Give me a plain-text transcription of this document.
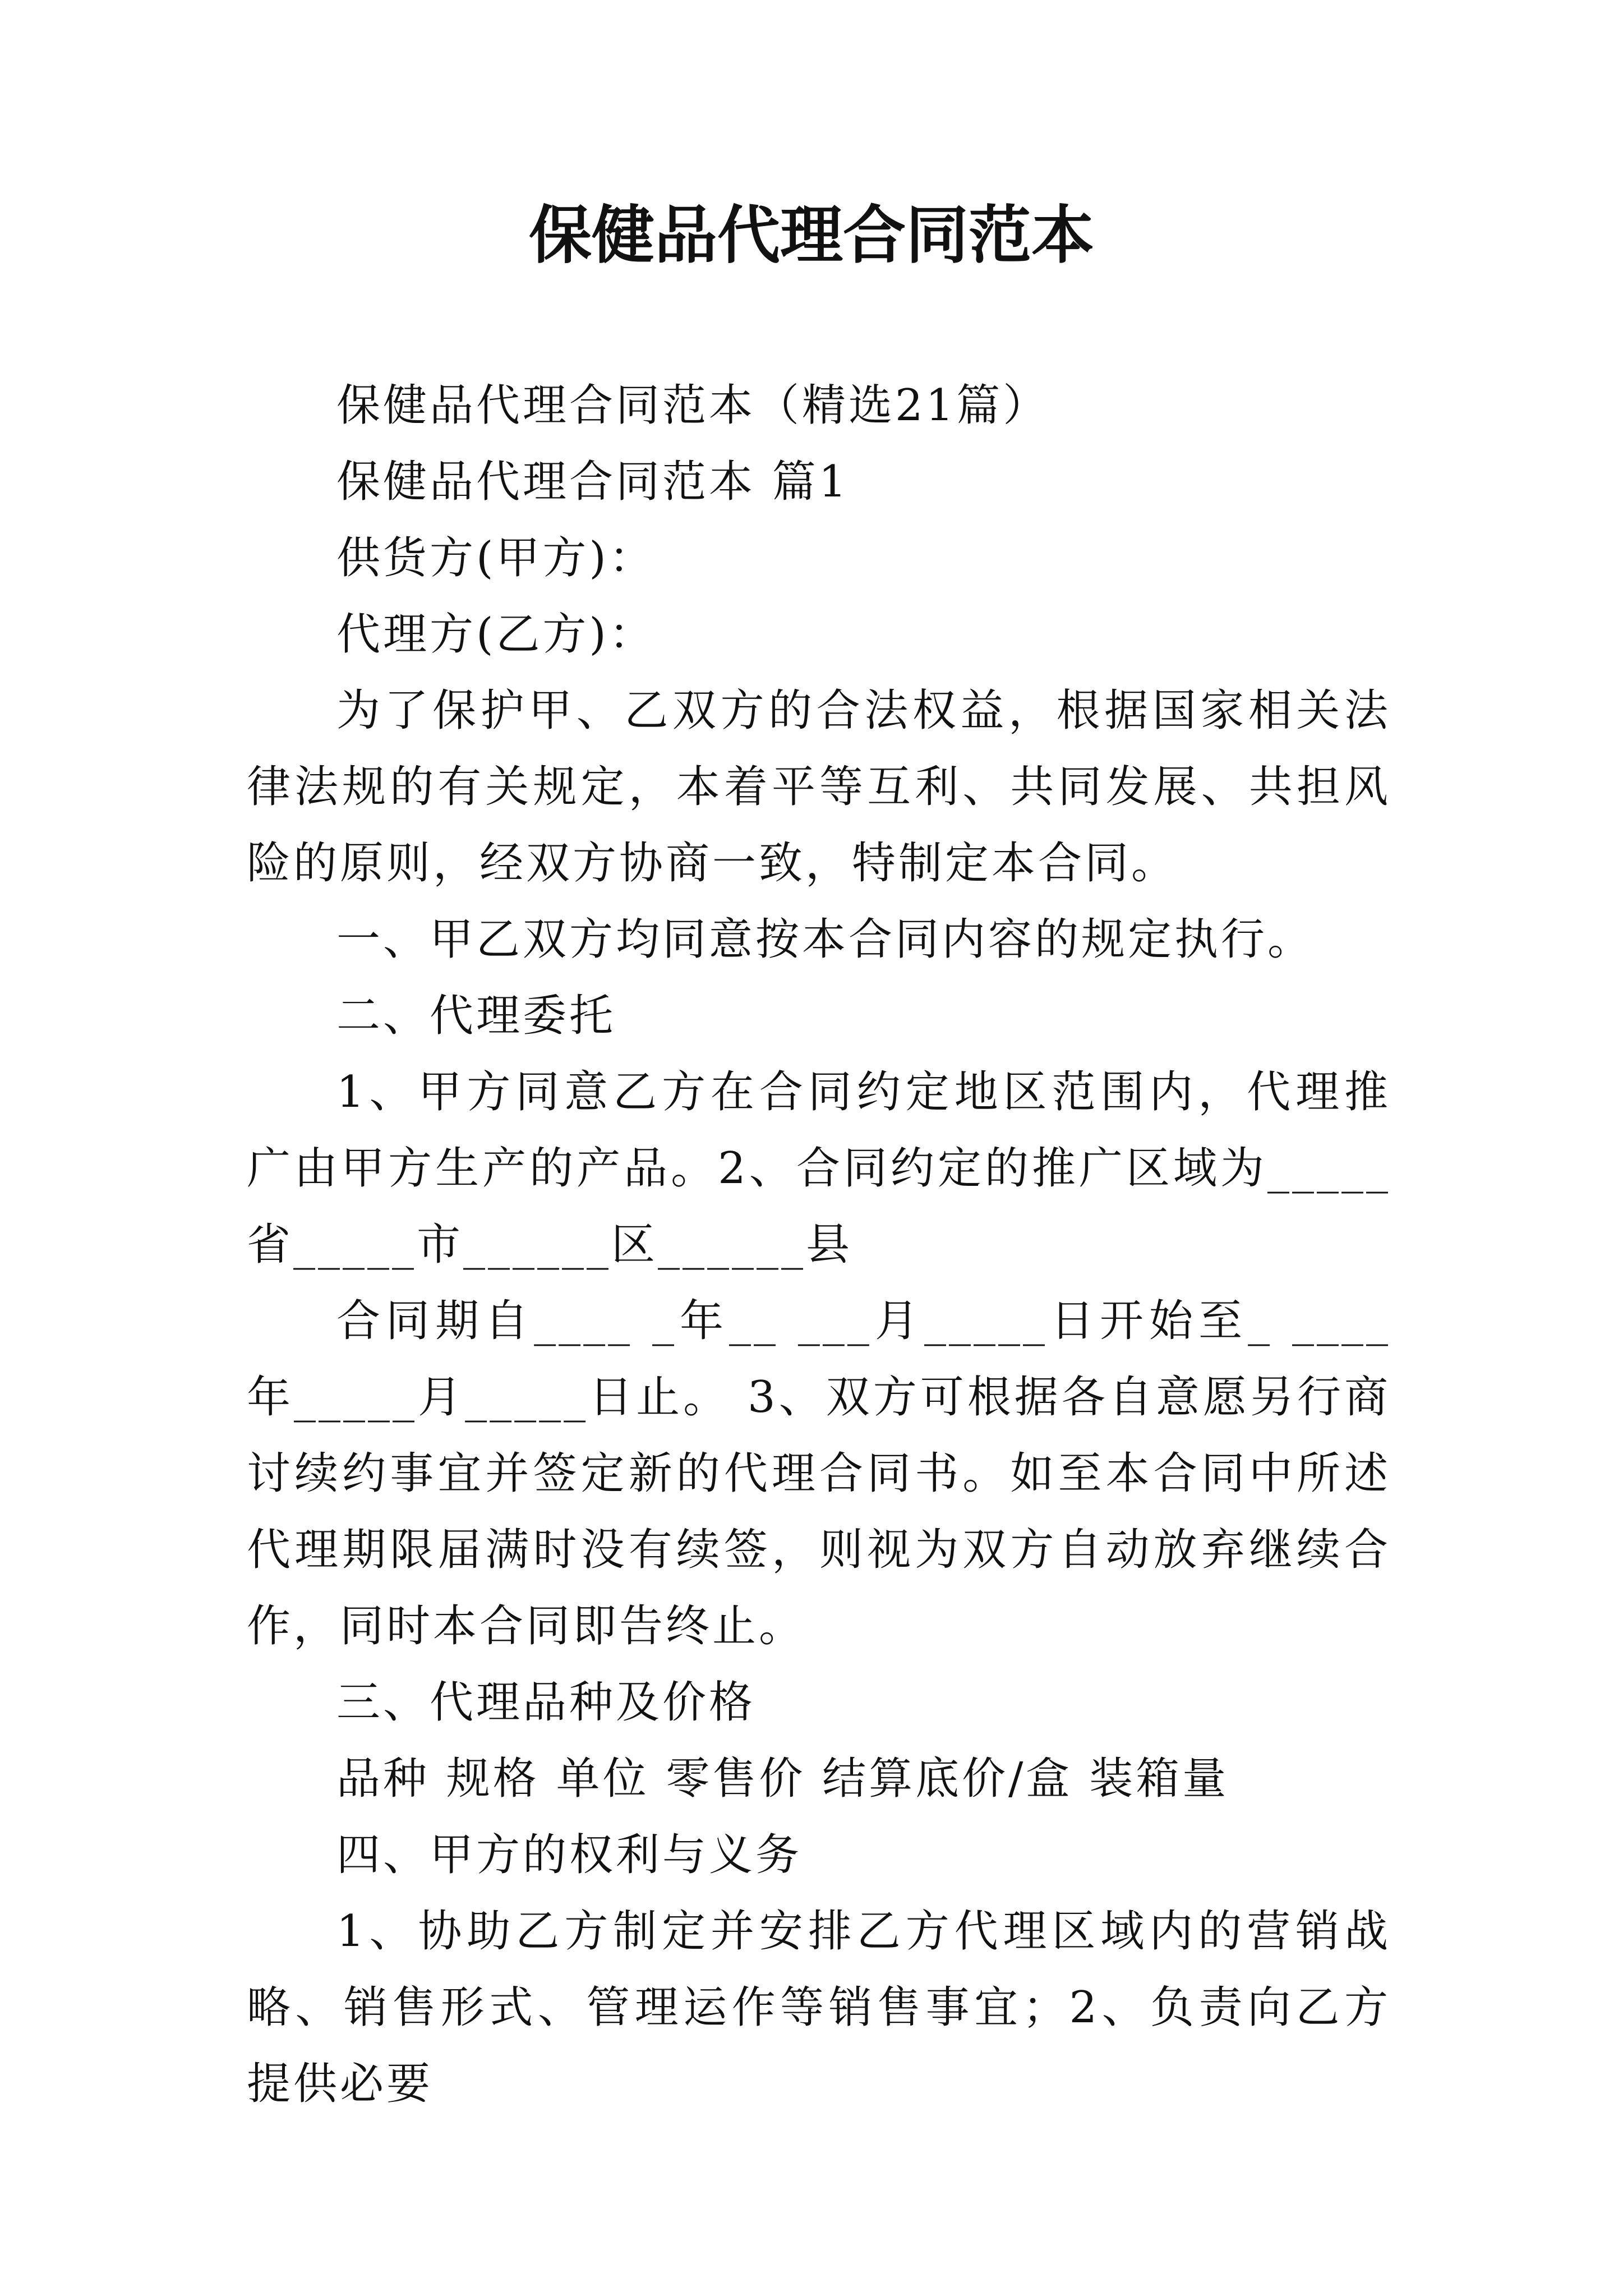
保健品代理合同范本

保健品代理合同范本（精选21篇）

保健品代理合同范本 篇1

供货方(甲方)：

代理方(乙方)：

为了保护甲、乙双方的合法权益，根据国家相关法律法规的有关规定，本着平等互利、共同发展、共担风险的原则，经双方协商一致，特制定本合同。

一、甲乙双方均同意按本合同内容的规定执行。

二、代理委托

1、甲方同意乙方在合同约定地区范围内，代理推广由甲方生产的产品。2、合同约定的推广区域为_____ 省_____市______区______县

合同期自____ _年__ ___月_____日开始至_ ____年_____月_____日止。 3、双方可根据各自意愿另行商讨续约事宜并签定新的代理合同书。如至本合同中所述代理期限届满时没有续签，则视为双方自动放弃继续合作，同时本合同即告终止。

三、代理品种及价格

品种 规格 单位 零售价 结算底价/盒 装箱量

四、甲方的权利与义务

1、协助乙方制定并安排乙方代理区域内的营销战略、销售形式、管理运作等销售事宜；2、负责向乙方提供必要
